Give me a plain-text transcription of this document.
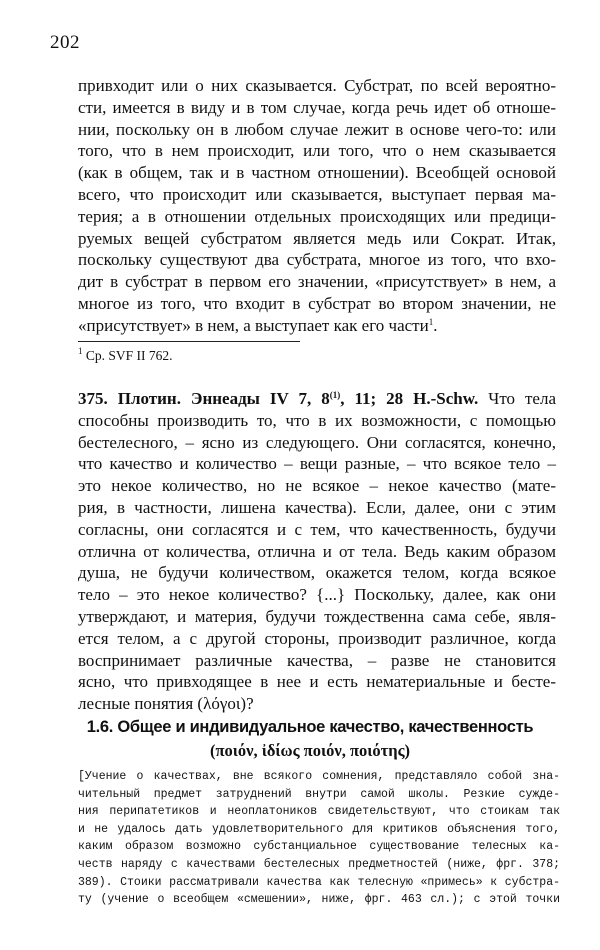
202
привходит или о них сказывается. Субстрат, по всей вероятно-
сти, имеется в виду и в том случае, когда речь идет об отноше-
нии, поскольку он в любом случае лежит в основе чего-то: или
того, что в нем происходит, или того, что о нем сказывается
(как в общем, так и в частном отношении). Всеобщей основой
всего, что происходит или сказывается, выступает первая ма-
терия; а в отношении отдельных происходящих или предици-
руемых вещей субстратом является медь или Сократ. Итак,
поскольку существуют два субстрата, многое из того, что вхо-
дит в субстрат в первом его значении, «присутствует» в нем, а
многое из того, что входит в субстрат во втором значении, не
«присутствует» в нем, а выступает как его части$^1$.
$^1$ Ср. SVF II 762.
375. Плотин. Эннеады IV 7, 8$^{(1)}$, 11; 28 H.-Schw. Что тела
способны производить то, что в их возможности, с помощью
бестелесного, – ясно из следующего. Они согласятся, конечно,
что качество и количество – вещи разные, – что всякое тело –
это некое количество, но не всякое – некое качество (мате-
рия, в частности, лишена качества). Если, далее, они с этим
согласны, они согласятся и с тем, что качественность, будучи
отлична от количества, отлична и от тела. Ведь каким образом
душа, не будучи количеством, окажется телом, когда всякое
тело – это некое количество? {...} Поскольку, далее, как они
утверждают, и материя, будучи тождественна сама себе, явля-
ется телом, а с другой стороны, производит различное, когда
воспринимает различные качества, – разве не становится
ясно, что привходящее в нее и есть нематериальные и бесте-
лесные понятия (λόγοι)?
1.6. Общее и индивидуальное качество, качественность
(ποιόν, ἰδίως ποιόν, ποιότης)
[Учение о качествах, вне всякого сомнения, представляло собой зна-
чительный предмет затруднений внутри самой школы. Резкие сужде-
ния перипатетиков и неоплатоников свидетельствуют, что стоикам так
и не удалось дать удовлетворительного для критиков объяснения того,
каким образом возможно субстанциальное существование телесных ка-
честв наряду с качествами бестелесных предметностей (ниже, фрг. 378;
389). Стоики рассматривали качества как телесную «примесь» к субстра-
ту (учение о всеобщем «смешении», ниже, фрг. 463 сл.); с этой точки
